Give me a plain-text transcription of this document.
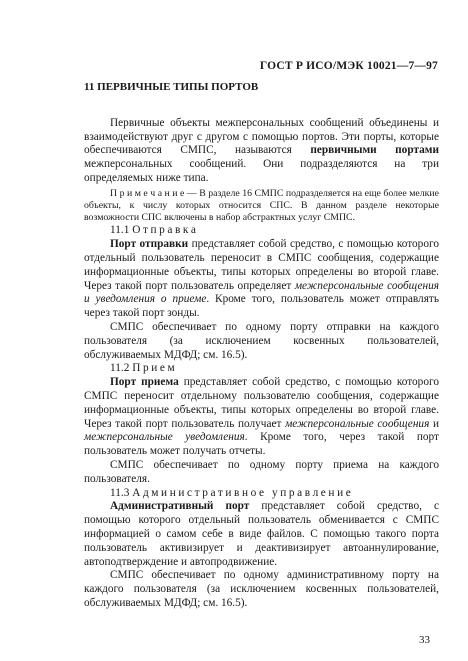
ГОСТ Р ИСО/МЭК 10021—7—97
11 ПЕРВИЧНЫЕ ТИПЫ ПОРТОВ

Первичные объекты межперсональных сообщений объединены и взаимодействуют друг с другом с помощью портов. Эти порты, которые обеспечиваются СМПС, называются первичными портами межперсональных сообщений. Они подразделяются на три определяемых ниже типа.

П р и м е ч а н и е — В разделе 16 СМПС подразделяется на еще более мелкие объекты, к числу которых относится СПС. В данном разделе некоторые возможности СПС включены в набор абстрактных услуг СМПС.

11.1 Отправка

Порт отправки представляет собой средство, с помощью которого отдельный пользователь переносит в СМПС сообщения, содержащие информационные объекты, типы которых определены во второй главе. Через такой порт пользователь определяет межперсональные сообщения и уведомления о приеме. Кроме того, пользователь может отправлять через такой порт зонды.

СМПС обеспечивает по одному порту отправки на каждого пользователя (за исключением косвенных пользователей, обслуживаемых МДФД; см. 16.5).

11.2 Прием

Порт приема представляет собой средство, с помощью которого СМПС переносит отдельному пользователю сообщения, содержащие информационные объекты, типы которых определены во второй главе. Через такой порт пользователь получает межперсональные сообщения и межперсональные уведомления. Кроме того, через такой порт пользователь может получать отчеты.

СМПС обеспечивает по одному порту приема на каждого пользователя.

11.3 Административное управление

Административный порт представляет собой средство, с помощью которого отдельный пользователь обменивается с СМПС информацией о самом себе в виде файлов. С помощью такого порта пользователь активизирует и деактивизирует автоаннулирование, автоподтверждение и автопродвижение.

СМПС обеспечивает по одному административному порту на каждого пользователя (за исключением косвенных пользователей, обслуживаемых МДФД; см. 16.5).

33
